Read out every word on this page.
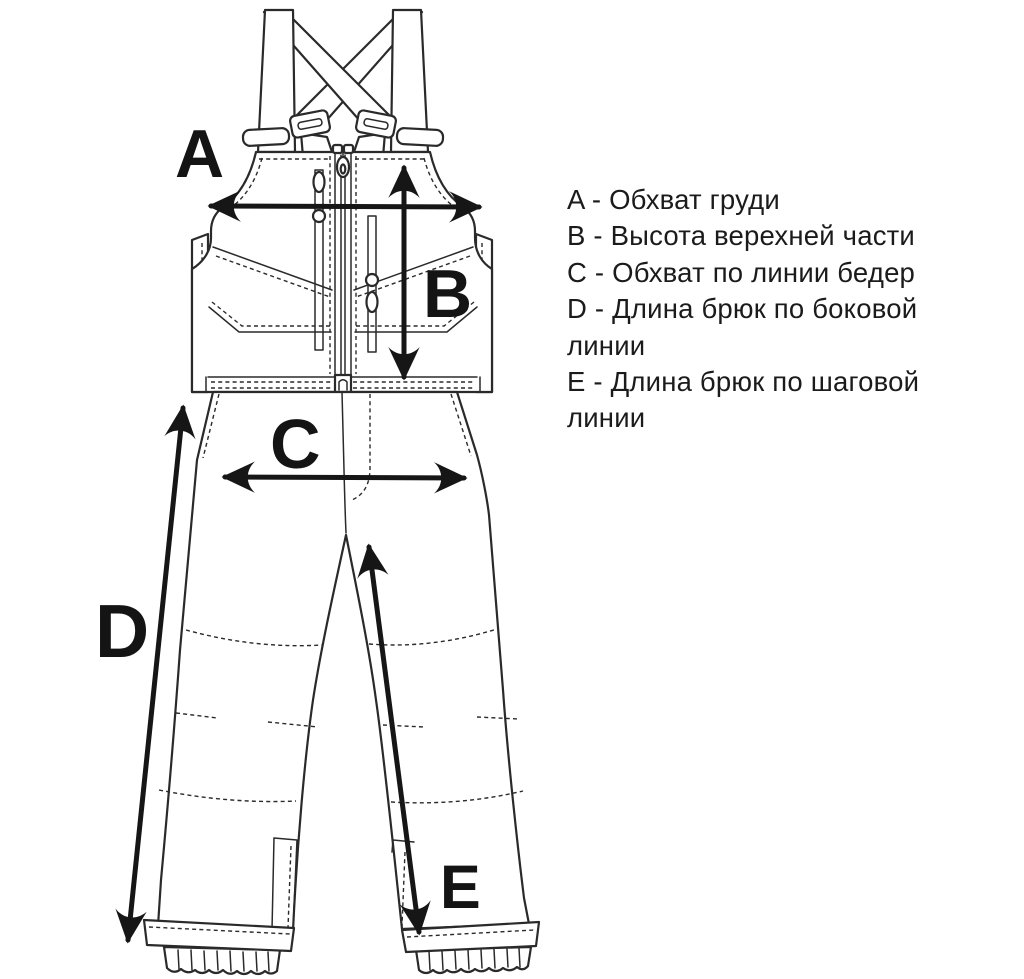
A
B
C
D
E
A - Обхват груди
B - Высота верехней части
C - Обхват по линии бедер
D - Длина брюк по боковой
линии
E - Длина брюк по шаговой
линии
